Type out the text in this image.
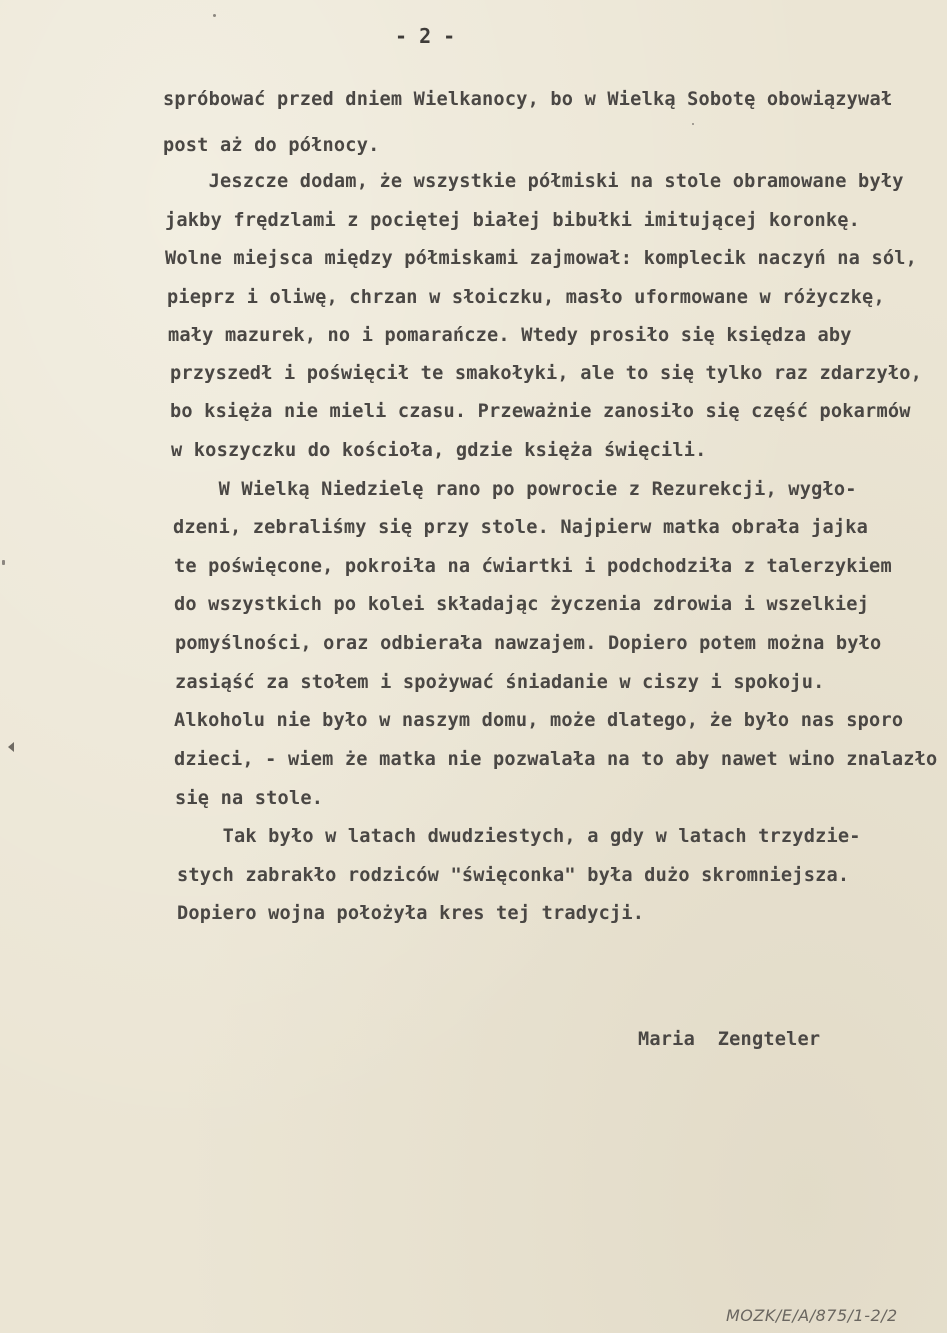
- 2 -
spróbować przed dniem Wielkanocy, bo w Wielką Sobotę obowiązywał
post aż do północy.
Jeszcze dodam, że wszystkie półmiski na stole obramowane były
jakby frędzlami z pociętej białej bibułki imitującej koronkę.
Wolne miejsca między półmiskami zajmował: komplecik naczyń na sól,
pieprz i oliwę, chrzan w słoiczku, masło uformowane w różyczkę,
mały mazurek, no i pomarańcze. Wtedy prosiło się księdza aby
przyszedł i poświęcił te smakołyki, ale to się tylko raz zdarzyło,
bo księża nie mieli czasu. Przeważnie zanosiło się część pokarmów
w koszyczku do kościoła, gdzie księża święcili.
W Wielką Niedzielę rano po powrocie z Rezurekcji, wygło-
dzeni, zebraliśmy się przy stole. Najpierw matka obrała jajka
te poświęcone, pokroiła na ćwiartki i podchodziła z talerzykiem
do wszystkich po kolei składając życzenia zdrowia i wszelkiej
pomyślności, oraz odbierała nawzajem. Dopiero potem można było
zasiąść za stołem i spożywać śniadanie w ciszy i spokoju.
Alkoholu nie było w naszym domu, może dlatego, że było nas sporo
dzieci, - wiem że matka nie pozwalała na to aby nawet wino znalazło
się na stole.
Tak było w latach dwudziestych, a gdy w latach trzydzie-
stych zabrakło rodziców "święconka" była dużo skromniejsza.
Dopiero wojna położyła kres tej tradycji.
Maria  Zengteler
MOZK/E/A/875/1-2/2
